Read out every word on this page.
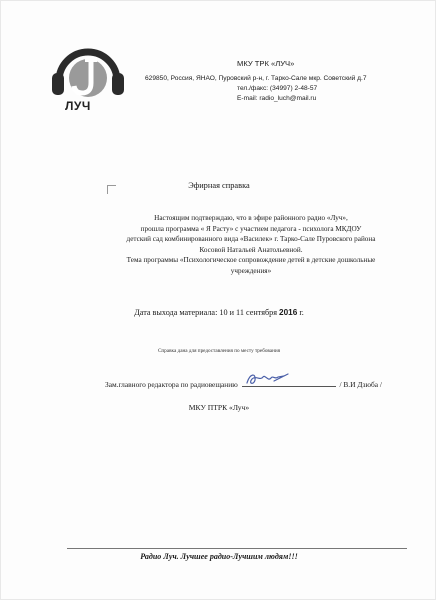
ЛУЧ
МКУ ТРК «ЛУЧ»
629850, Россия, ЯНАО, Пуровский р-н, г. Тарко-Сале мкр. Советский д.7
тел./факс: (34997) 2-48-57
E-mail: radio_luch@mail.ru
Эфирная справка

Настоящим подтверждаю, что в эфире районного радио «Луч»,

прошла программа « Я Расту» с участием педагога - психолога МКДОУ

детский сад комбинированного вида «Василек» г. Тарко-Сале Пуровского района

Косовой Натальей Анатольевной.

Тема программы «Психологическое сопровождение детей в детские дошкольные

учреждения»

Дата выхода материала: 10 и 11 сентября 2016 г.
Справка дана для предоставления по месту требования
Зам.главного редактора по радиовещанию	/ В.И Дзюба /
МКУ ПТРК «Луч»
Радио Луч. Лучшее радио-Лучшим людям!!!
